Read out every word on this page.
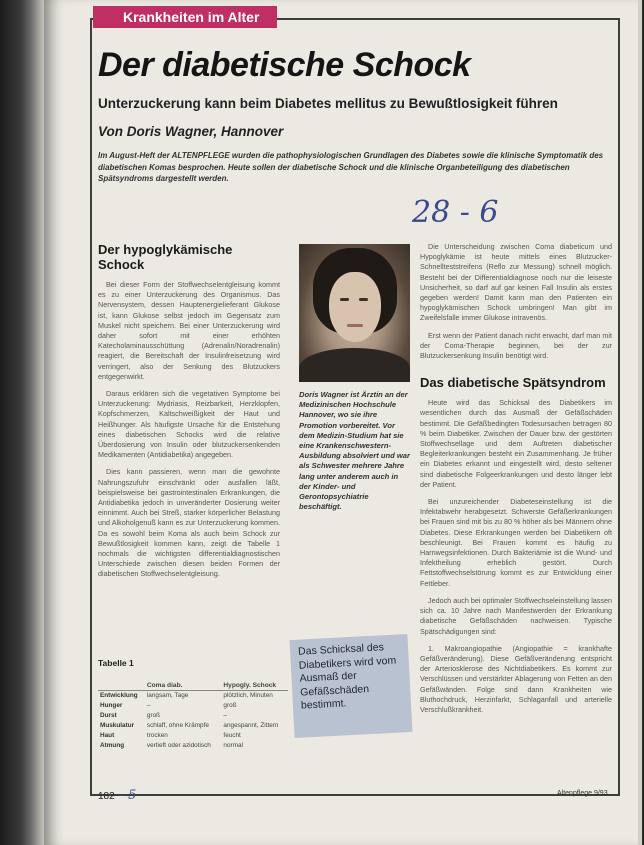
Krankheiten im Alter
Der diabetische Schock

Unterzuckerung kann beim Diabetes mellitus zu Bewußtlosigkeit führen

Von Doris Wagner, Hannover

Im August-Heft der ALTENPFLEGE wurden die pathophysiologischen Grundlagen des Diabetes sowie die klinische Symptomatik des diabetischen Komas besprochen. Heute sollen der diabetische Schock und die klinische Organbeteiligung des diabetischen Spätsyndroms dargestellt werden.

28 - 6
Der hypoglykämische Schock

Bei dieser Form der Stoffwechselentgleisung kommt es zu einer Unterzuckerung des Organismus. Das Nervensystem, dessen Hauptenergielieferant Glukose ist, kann Glukose selbst jedoch im Gegensatz zum Muskel nicht speichern. Bei einer Unterzuckerung wird daher sofort mit einer erhöhten Katecholaminausschüttung (Adrenalin/Noradrenalin) reagiert, die Bereitschaft der Insulinfreisetzung wird verringert, also der Senkung des Blutzuckers entgegenwirkt.

Daraus erklären sich die vegetativen Symptome bei Unterzuckerung: Mydriasis, Reizbarkeit, Herzklopfen, Kopfschmerzen, Kaltschweißigkeit der Haut und Heißhunger. Als häufigste Ursache für die Entstehung eines diabetischen Schocks wird die relative Überdosierung von Insulin oder blutzuckersenkenden Medikamenten (Antidiabetika) angegeben.

Dies kann passieren, wenn man die gewohnte Nahrungszufuhr einschränkt oder ausfallen läßt, beispielsweise bei gastrointestinalen Erkrankungen, die Antidiabetika jedoch in unveränderter Dosierung weiter einnimmt. Auch bei Streß, starker körperlicher Belastung und Alkoholgenuß kann es zur Unterzuckerung kommen. Da es sowohl beim Koma als auch beim Schock zur Bewußtlosigkeit kommen kann, zeigt die Tabelle 1 nochmals die wichtigsten differentialdiagnostischen Unterschiede zwischen diesen beiden Formen der diabetischen Stoffwechselentgleisung.

Doris Wagner ist Ärztin an der Medizinischen Hochschule Hannover, wo sie ihre Promotion vorbereitet. Vor dem Medizin-Studium hat sie eine Krankenschwestern-Ausbildung absolviert und war als Schwester mehrere Jahre lang unter anderem auch in der Kinder- und Gerontopsychiatrie beschäftigt.

Die Unterscheidung zwischen Coma diabeticum und Hypoglykämie ist heute mittels eines Blutzucker-Schnellteststreifens (Reflo zur Messung) schnell möglich. Besteht bei der Differentialdiagnose noch nur die leiseste Unsicherheit, so darf auf gar keinen Fall Insulin als erstes gegeben werden! Damit kann man den Patienten ein hypoglykämischen Schock umbringen! Man gibt im Zweifelsfalle immer Glukose intravenös.

Erst wenn der Patient danach nicht erwacht, darf man mit der Coma-Therapie beginnen, bei der zur Blutzuckersenkung Insulin benötigt wird.

Das diabetische Spätsyndrom

Heute wird das Schicksal des Diabetikers im wesentlichen durch das Ausmaß der Gefäßschäden bestimmt. Die Gefäßbedingten Todesursachen betragen 80 % beim Diabetiker. Zwischen der Dauer bzw. der gestörten Stoffwechsellage und dem Auftreten diabetischer Begleiterkrankungen besteht ein Zusammenhang. Je früher ein Diabetes erkannt und eingestellt wird, desto seltener sind diabetische Folgeerkrankungen und desto länger lebt der Patient.

Bei unzureichender Diabeteseinstellung ist die Infektabwehr herabgesetzt. Schwerste Gefäßerkrankungen bei Frauen sind mit bis zu 80 % höher als bei Männern ohne Diabetes. Diese Erkrankungen werden bei Diabetikern oft beschleunigt. Bei Frauen kommt es häufig zu Harnwegsinfektionen. Durch Bakteriämie ist die Wund- und Infektheilung erheblich gestört. Durch Fettstoffwechselstörung kommt es zur Entwicklung einer Fettleber.

Jedoch auch bei optimaler Stoffwechseleinstellung lassen sich ca. 10 Jahre nach Manifestwerden der Erkrankung diabetische Gefäßschäden nachweisen. Typische Spätschädigungen sind:

1. Makroangiopathie (Angiopathie = krankhafte Gefäßveränderung). Diese Gefäßveränderung entspricht der Arteriosklerose des Nichtdiabetikers. Es kommt zur Verschlüssen und verstärkter Ablagerung von Fetten an den Gefäßwänden. Folge sind dann Krankheiten wie Bluthochdruck, Herzinfarkt, Schlaganfall und arterielle Verschlußkrankheit.

Das Schicksal des Diabetikers wird vom Ausmaß der Gefäßschäden bestimmt.

Tabelle 1

	Coma diab.	Hypogly. Schock
Entwicklung	langsam, Tage	plötzlich, Minuten
Hunger	–	groß
Durst	groß	–
Muskulatur	schlaff, ohne Krämpfe	angespannt, Zittern
Haut	trocken	feucht
Atmung	vertieft oder azidotisch	normal

182 – 5	Altenpflege 9/93
